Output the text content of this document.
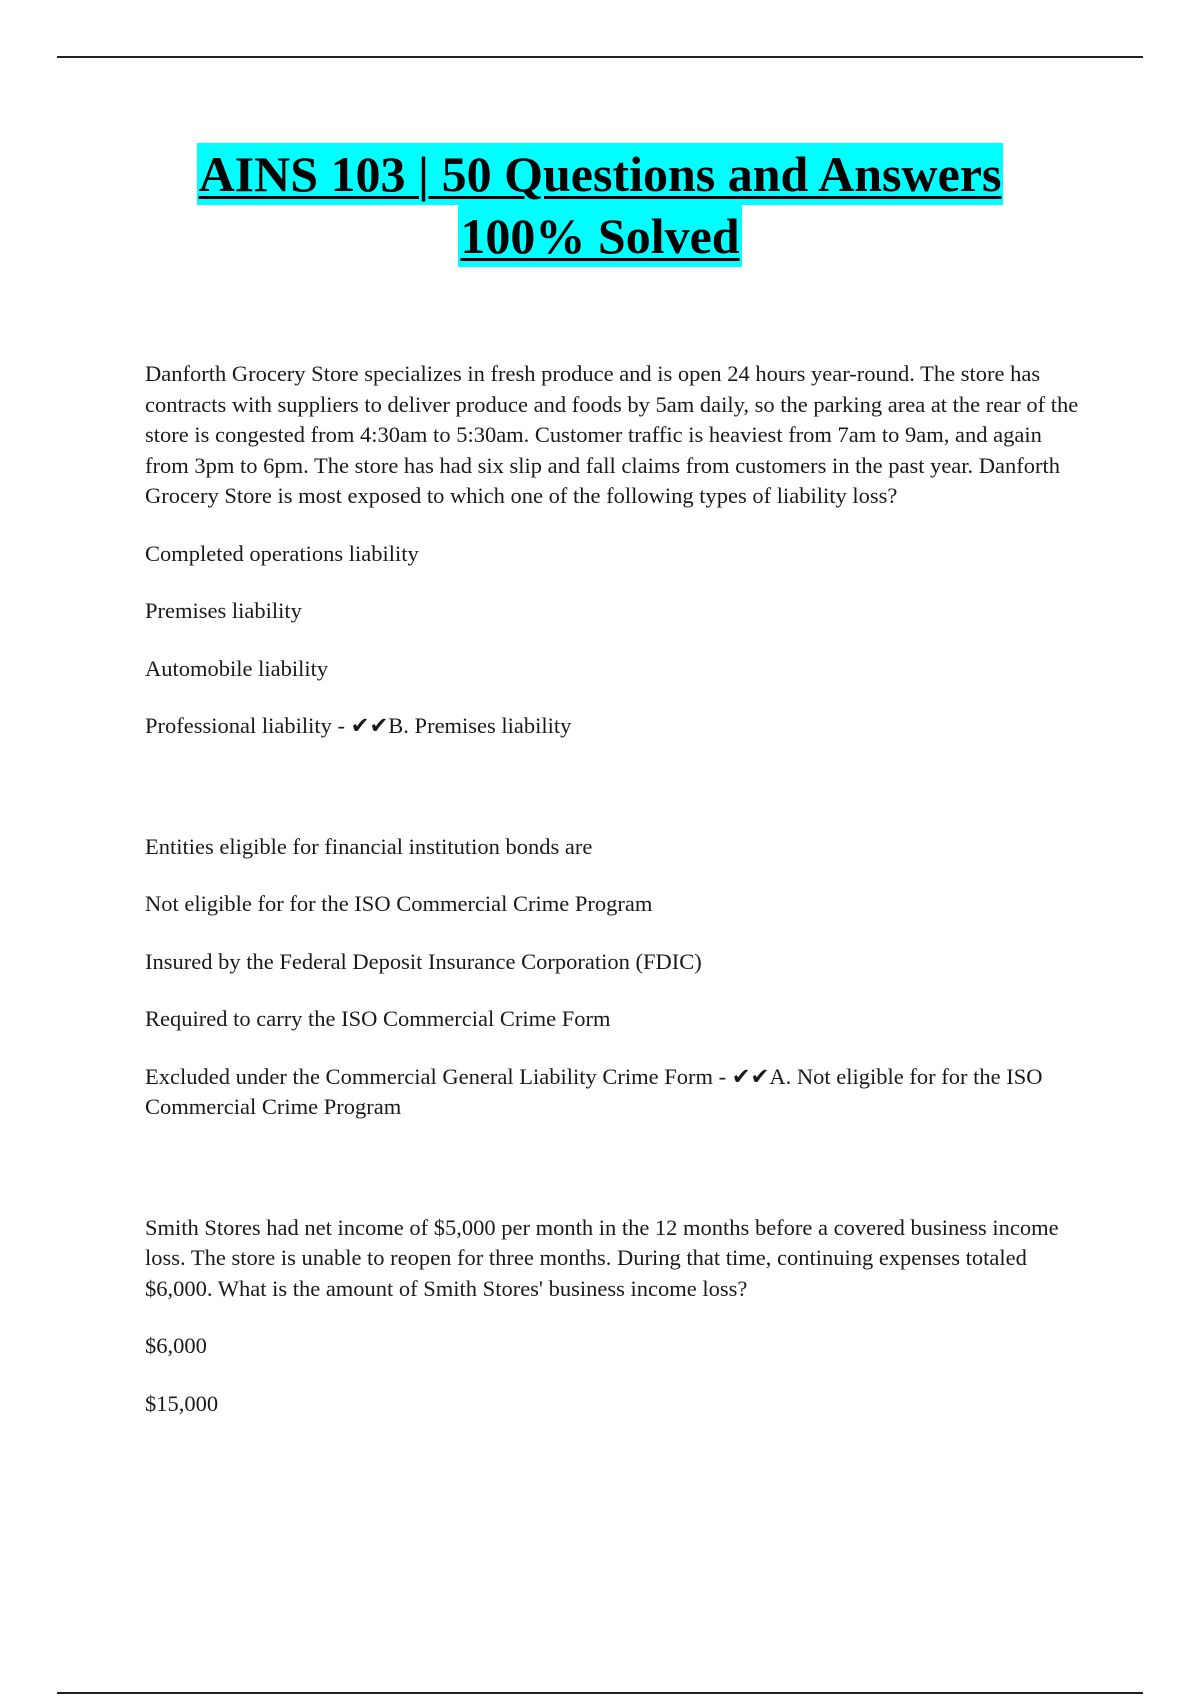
AINS 103 | 50 Questions and Answers
100% Solved

Danforth Grocery Store specializes in fresh produce and is open 24 hours year-round. The store has contracts with suppliers to deliver produce and foods by 5am daily, so the parking area at the rear of the store is congested from 4:30am to 5:30am. Customer traffic is heaviest from 7am to 9am, and again from 3pm to 6pm. The store has had six slip and fall claims from customers in the past year. Danforth Grocery Store is most exposed to which one of the following types of liability loss?

Completed operations liability

Premises liability

Automobile liability

Professional liability - ✔✔B. Premises liability

Entities eligible for financial institution bonds are

Not eligible for for the ISO Commercial Crime Program

Insured by the Federal Deposit Insurance Corporation (FDIC)

Required to carry the ISO Commercial Crime Form

Excluded under the Commercial General Liability Crime Form - ✔✔A. Not eligible for for the ISO Commercial Crime Program

Smith Stores had net income of $5,000 per month in the 12 months before a covered business income loss. The store is unable to reopen for three months. During that time, continuing expenses totaled $6,000. What is the amount of Smith Stores' business income loss?

$6,000

$15,000
